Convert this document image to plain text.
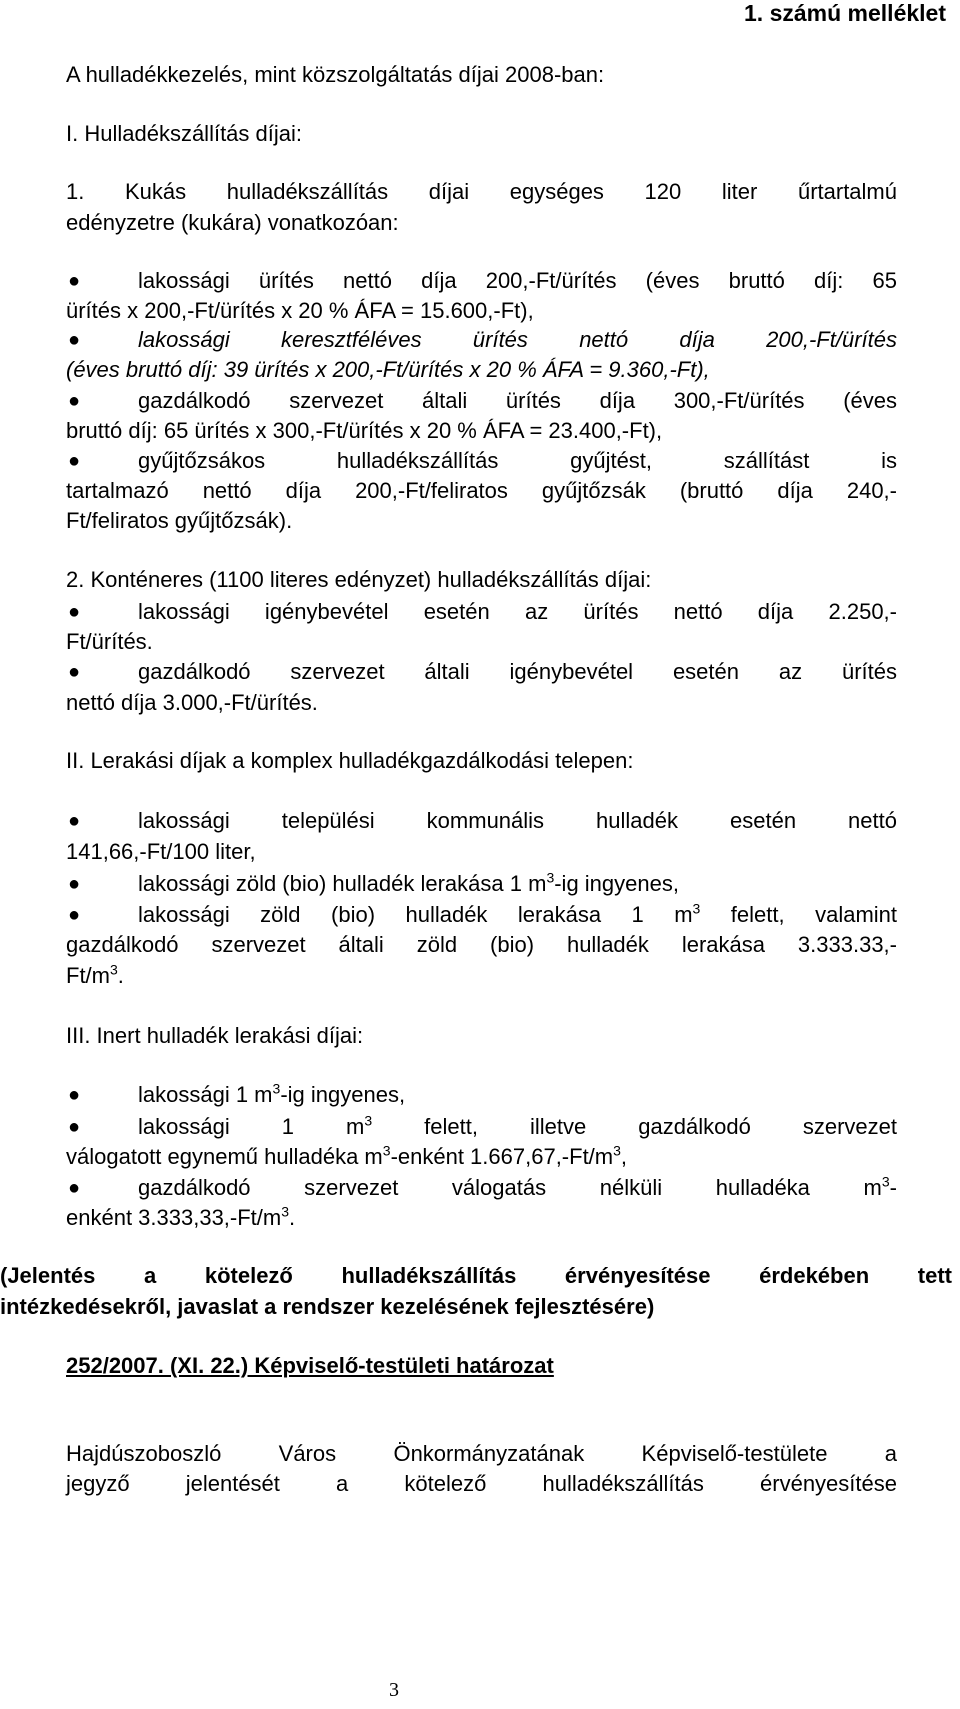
1. számú melléklet
A hulladékkezelés, mint közszolgáltatás díjai 2008-ban:
I. Hulladékszállítás díjai:
1. Kukás hulladékszállítás díjai egységes 120 liter űrtartalmú
edényzetre (kukára) vonatkozóan:
●	lakossági ürítés nettó díja 200,-Ft/ürítés (éves bruttó díj: 65
ürítés x 200,-Ft/ürítés x 20 % ÁFA = 15.600,-Ft),
●	lakossági keresztféléves ürítés nettó díja 200,-Ft/ürítés
(éves bruttó díj: 39 ürítés x 200,-Ft/ürítés x 20 % ÁFA = 9.360,-Ft),
●	gazdálkodó szervezet általi ürítés díja 300,-Ft/ürítés (éves
bruttó díj: 65 ürítés x 300,-Ft/ürítés x 20 % ÁFA = 23.400,-Ft),
●	gyűjtőzsákos hulladékszállítás gyűjtést, szállítást is
tartalmazó nettó díja 200,-Ft/feliratos gyűjtőzsák (bruttó díja 240,-
Ft/feliratos gyűjtőzsák).
2. Konténeres (1100 literes edényzet) hulladékszállítás díjai:
●	lakossági igénybevétel esetén az ürítés nettó díja 2.250,-
Ft/ürítés.
●	gazdálkodó szervezet általi igénybevétel esetén az ürítés
nettó díja 3.000,-Ft/ürítés.
II. Lerakási díjak a komplex hulladékgazdálkodási telepen:
●	lakossági települési kommunális hulladék esetén nettó
141,66,-Ft/100 liter,
●	lakossági zöld (bio) hulladék lerakása 1 $m^3-ig$ ingyenes,
●	lakossági zöld (bio) hulladék lerakása 1 $m^3$ felett, valamint
gazdálkodó szervezet általi zöld (bio) hulladék lerakása 3.333.33,-
$Ft/m^3$.
III. Inert hulladék lerakási díjai:
●	lakossági 1 $m^3-ig$ ingyenes,
●	lakossági 1 $m^3$ felett, illetve gazdálkodó szervezet
válogatott egynemű hulladéka $m^3$-enként $1.667,67,-Ft/m^3$,
●	gazdálkodó szervezet válogatás nélküli hulladéka $m^3-$
enként $3.333,33,-Ft/m^3$.
(Jelentés a kötelező hulladékszállítás érvényesítése érdekében tett
intézkedésekről, javaslat a rendszer kezelésének fejlesztésére)
252/2007. (XI. 22.) Képviselő-testületi határozat
Hajdúszoboszló Város Önkormányzatának Képviselő-testülete a
jegyző jelentését a kötelező hulladékszállítás érvényesítése
3
